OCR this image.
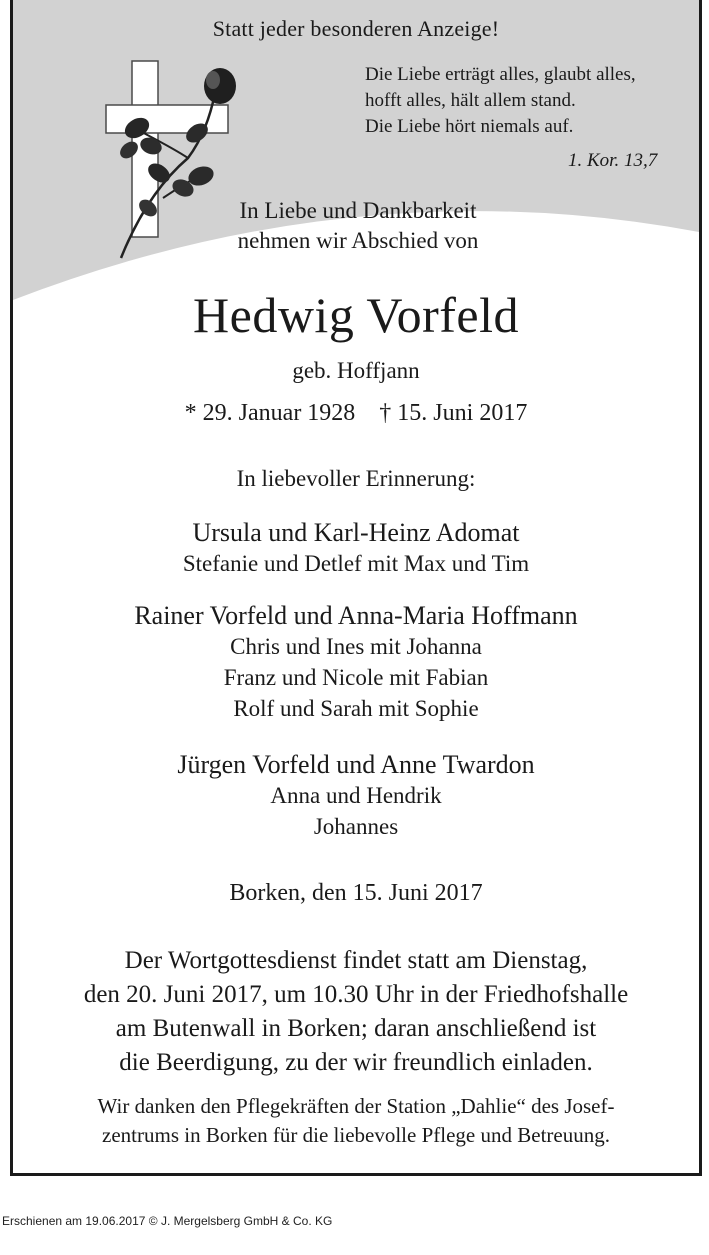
Statt jeder besonderen Anzeige!
Die Liebe erträgt alles, glaubt alles,
hofft alles, hält allem stand.
Die Liebe hört niemals auf.
1. Kor. 13,7
In Liebe und Dankbarkeit
nehmen wir Abschied von
Hedwig Vorfeld
geb. Hoffjann
* 29. Januar 1928    † 15. Juni 2017
In liebevoller Erinnerung:
Ursula und Karl-Heinz Adomat
Stefanie und Detlef mit Max und Tim
Rainer Vorfeld und Anna-Maria Hoffmann
Chris und Ines mit Johanna
Franz und Nicole mit Fabian
Rolf und Sarah mit Sophie
Jürgen Vorfeld und Anne Twardon
Anna und Hendrik
Johannes
Borken, den 15. Juni 2017
Der Wortgottesdienst findet statt am Dienstag,
den 20. Juni 2017, um 10.30 Uhr in der Friedhofshalle
am Butenwall in Borken; daran anschließend ist
die Beerdigung, zu der wir freundlich einladen.
Wir danken den Pflegekräften der Station „Dahlie“ des Josef-
zentrums in Borken für die liebevolle Pflege und Betreuung.
Erschienen am 19.06.2017 © J. Mergelsberg GmbH & Co. KG
